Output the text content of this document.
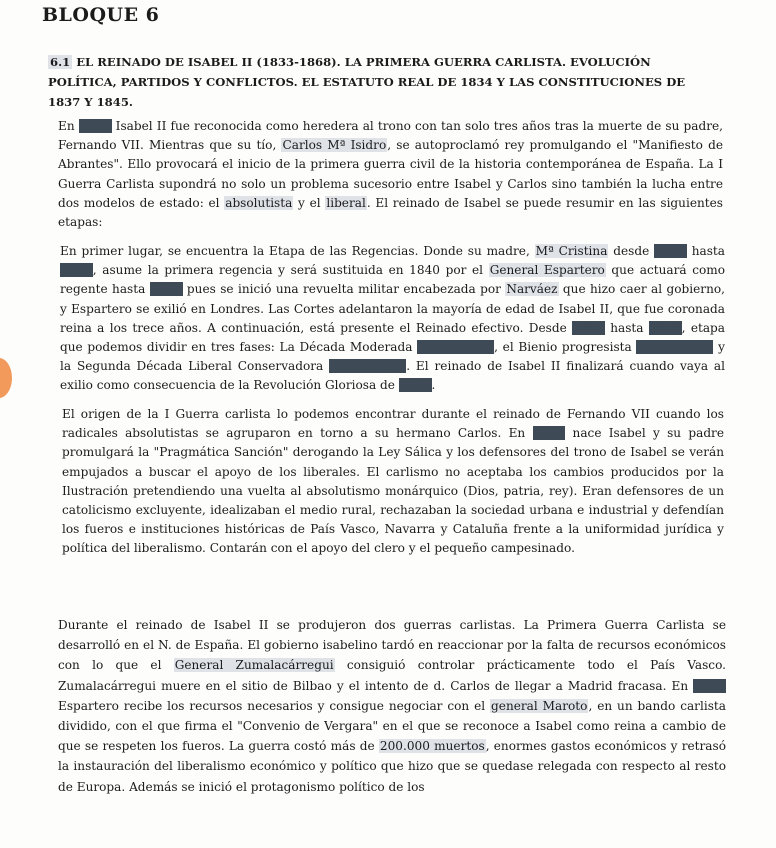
BLOQUE 6
6.1 EL REINADO DE ISABEL II (1833-1868). LA PRIMERA GUERRA CARLISTA. EVOLUCIÓN POLÍTICA, PARTIDOS Y CONFLICTOS. EL ESTATUTO REAL DE 1834 Y LAS CONSTITUCIONES DE 1837 Y 1845.
En 1833 Isabel II fue reconocida como heredera al trono con tan solo tres años tras la muerte de su padre, Fernando VII. Mientras que su tío, Carlos Mª Isidro, se autoproclamó rey promulgando el "Manifiesto de Abrantes". Ello provocará el inicio de la primera guerra civil de la historia contemporánea de España. La I Guerra Carlista supondrá no solo un problema sucesorio entre Isabel y Carlos sino también la lucha entre dos modelos de estado: el absolutista y el liberal. El reinado de Isabel se puede resumir en las siguientes etapas:
En primer lugar, se encuentra la Etapa de las Regencias. Donde su madre, Mª Cristina desde 1833 hasta 1840, asume la primera regencia y será sustituida en 1840 por el General Espartero que actuará como regente hasta 1843 pues se inició una revuelta militar encabezada por Narváez que hizo caer al gobierno, y Espartero se exilió en Londres. Las Cortes adelantaron la mayoría de edad de Isabel II, que fue coronada reina a los trece años. A continuación, está presente el Reinado efectivo. Desde 1843 hasta 1868, etapa que podemos dividir en tres fases: La Década Moderada (1844-1854), el Bienio progresista (1854-1856) y la Segunda Década Liberal Conservadora (1856-1868). El reinado de Isabel II finalizará cuando vaya al exilio como consecuencia de la Revolución Gloriosa de 1868.
El origen de la I Guerra carlista lo podemos encontrar durante el reinado de Fernando VII cuando los radicales absolutistas se agruparon en torno a su hermano Carlos. En 1830 nace Isabel y su padre promulgará la "Pragmática Sanción" derogando la Ley Sálica y los defensores del trono de Isabel se verán empujados a buscar el apoyo de los liberales. El carlismo no aceptaba los cambios producidos por la Ilustración pretendiendo una vuelta al absolutismo monárquico (Dios, patria, rey). Eran defensores de un catolicismo excluyente, idealizaban el medio rural, rechazaban la sociedad urbana e industrial y defendían los fueros e instituciones históricas de País Vasco, Navarra y Cataluña frente a la uniformidad jurídica y política del liberalismo. Contarán con el apoyo del clero y el pequeño campesinado.
Durante el reinado de Isabel II se produjeron dos guerras carlistas. La Primera Guerra Carlista se desarrolló en el N. de España. El gobierno isabelino tardó en reaccionar por la falta de recursos económicos con lo que el General Zumalacárregui consiguió controlar prácticamente todo el País Vasco. Zumalacárregui muere en el sitio de Bilbao y el intento de d. Carlos de llegar a Madrid fracasa. En 1839 Espartero recibe los recursos necesarios y consigue negociar con el general Maroto, en un bando carlista dividido, con el que firma el "Convenio de Vergara" en el que se reconoce a Isabel como reina a cambio de que se respeten los fueros. La guerra costó más de 200.000 muertos, enormes gastos económicos y retrasó la instauración del liberalismo económico y político que hizo que se quedase relegada con respecto al resto de Europa. Además se inició el protagonismo político de los
